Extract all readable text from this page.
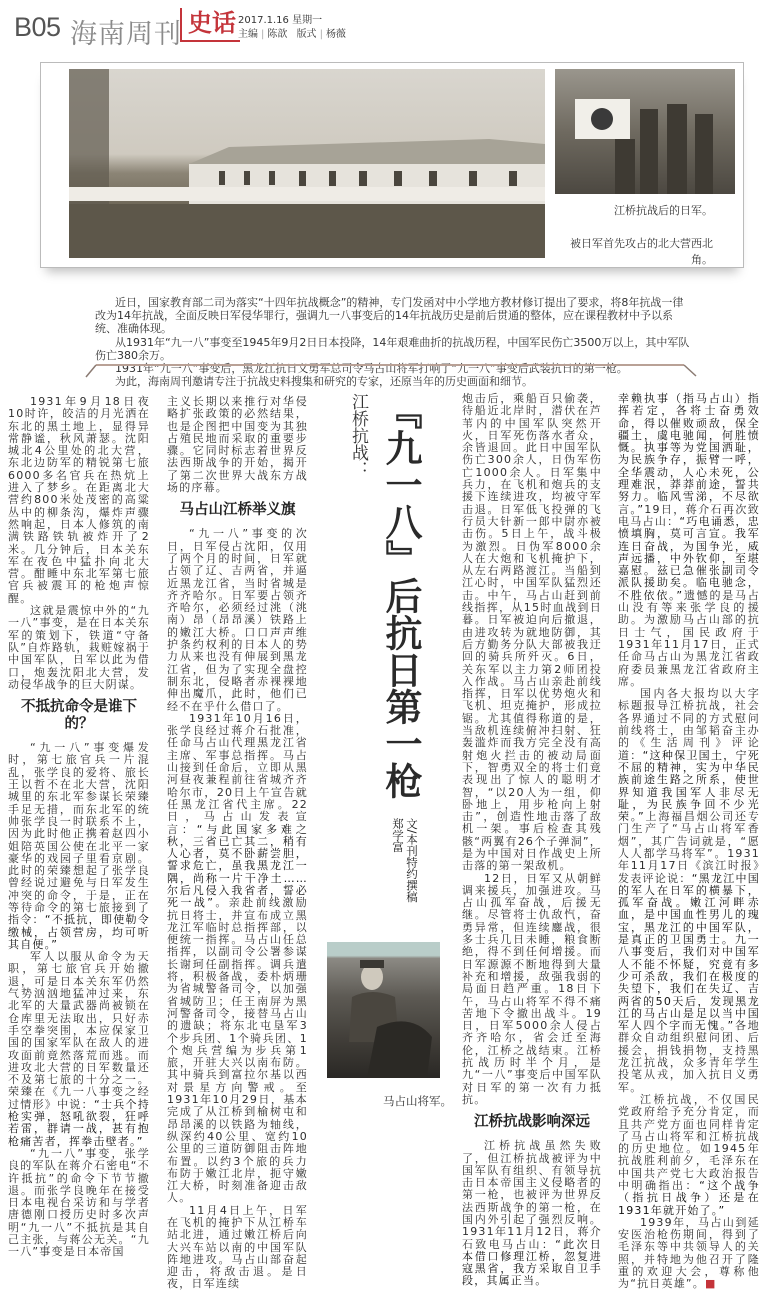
B05 海南周刊 史话 2017.1.16 星期一
主编 | 陈歆 版式 | 杨薇
江桥抗战后的日军。
被日军首先攻占的北大营西北角。

近日，国家教育部二司为落实“十四年抗战概念”的精神，专门发函对中小学地方教材修订提出了要求，将8年抗战一律改为14年抗战，全面反映日军侵华罪行，强调九一八事变后的14年抗战历史是前后贯通的整体，应在课程教材中予以系统、准确体现。

从1931年“九一八”事变至1945年9月2日日本投降，14年艰难曲折的抗战历程，中国军民伤亡3500万以上，其中军队伤亡380余万。

1931年“九一八”事变后，黑龙江抗日义勇军总司令马占山将军打响了“九一八”事变后武装抗日的第一枪。

为此，海南周刊邀请专注于抗战史料搜集和研究的专家，还原当年的历史画面和细节。

江桥抗战： 『九一八』后抗日第一枪
文/本刊特约撰稿　郑学富
马占山将军。

1931年9月18日夜10时许，皎洁的月光洒在东北的黑土地上，显得异常静谧，秋风萧瑟。沈阳城北4公里处的北大营，东北边防军的精锐第七旅6000多名官兵在热炕上进入了梦乡。在距离北大营约800米处茂密的高粱丛中的柳条沟，爆炸声骤然响起，日本人修筑的南满铁路铁轨被炸开了2米。几分钟后，日本关东军在夜色中猛扑向北大营。酣睡中东北军第七旅官兵被震耳的枪炮声惊醒。

这就是震惊中外的“九一八”事变，是在日本关东军的策划下，铁道“守备队”自炸路轨，栽赃嫁祸于中国军队，日军以此为借口，炮轰沈阳北大营，发动侵华战争的巨大阴谋。

不抵抗命令是谁下的？

“九一八”事变爆发时，第七旅官兵一片混乱，张学良的爱将、旅长王以哲不在北大营，沈阳城里的东北军参谋长荣臻手足无措，而东北军的统帅张学良一时联系不上，因为此时他正携着赵四小姐陪英国公使在北平一家豪华的戏园子里看京剧。此时的荣臻想起了张学良曾经说过避免与日军发生冲突的命令，于是，正在等待命令的第七旅接到了指令：“不抵抗，即使勒令缴械，占领营房，均可听其自便。”

军人以服从命令为天职，第七旅官兵开始撤退，可是日本关东军仍然气势汹汹地猛冲过来，东北军的大量武器尚被锁在仓库里无法取出，只好赤手空拳突围，本应保家卫国的国家军队在敌人的进攻面前竟然落荒而逃。而进攻北大营的日军数量还不及第七旅的十分之一。荣臻在《九一八事变之经过情形》中说：“士兵个持枪实弹，怒吼欲裂，狂呼若雷，群请一战，甚有抱枪痛苦者，挥拳击壁者。”

“九一八”事变，张学良的军队在蒋介石密电“不许抵抗”的命令下节节撤退。而张学良晚年在接受日本电视台采访和与学者唐德刚口授历史时多次声明“九一八”不抵抗是其自己主张，与蒋公无关。“九一八”事变是日本帝国

主义长期以来推行对华侵略扩张政策的必然结果，也是企图把中国变为其独占殖民地而采取的重要步骤。它同时标志着世界反法西斯战争的开始，揭开了第二次世界大战东方战场的序幕。

马占山江桥举义旗

“九一八”事变的次日，日军侵占沈阳，仅用了两个月的时间，日军就占领了辽、吉两省，并逼近黑龙江省，当时省城是齐齐哈尔。日军要占领齐齐哈尔，必须经过洮（洮南）昂（昂昂溪）铁路上的嫩江大桥。口口声声维护条约权利的日本人的势力从来也没有伸展到黑龙江省，但为了实现全盘控制东北，侵略者赤裸裸地伸出魔爪，此时，他们已经不在乎什么借口了。

1931年10月16日，张学良经过蒋介石批准，任命马占山代理黑龙江省主席、军事总指挥。马占山接到任命后，立即从黑河昼夜兼程前往省城齐齐哈尔市，20日上午宣告就任黑龙江省代主席。22日，马占山发表宣言：“与此国家多难之秋，三省已亡其二，稍有人心者，莫不卧薪尝胆，誓求危亡，虽我黑龙江一隅，尚称一片干净土……尔后凡侵入我省者，誓必死一战”。亲赴前线激励抗日将士，并宣布成立黑龙江军临时总指挥部，以便统一指挥。马占山任总指挥，以副司令公署参谋长谢珂任副指挥。调兵遣将，积极备战，委朴炳珊为省城警备司令，以加强省城防卫；任王南屏为黑河警备司令，接替马占山的遗缺；将东北屯垦军3个步兵团、1个骑兵团、1个炮兵营编为步兵第1旅，开驻大兴以南布防。其中骑兵到富拉尔基以西对景星方向警戒。至1931年10月29日，基本完成了从江桥到榆树屯和昂昂溪的以铁路为轴线，纵深约40公里、宽约10公里的三道防御阻击阵地布置。以约3个旅的兵力布防于嫩江北岸，扼守嫩江大桥，时刻准备迎击敌人。

11月4日上午，日军在飞机的掩护下从江桥车站北进，通过嫩江桥后向大兴车站以南的中国军队阵地进攻。马占山部奋起迎击，将敌击退。是日夜，日军连续

炮击后，乘船百只偷袭，待船近北岸时，潜伏在芦苇内的中国军队突然开火，日军死伤落水者众，余皆退回。此日中国军队伤亡300余人，日伪军伤亡1000余人。日军集中兵力，在飞机和炮兵的支援下连续进攻，均被守军击退。日军低飞投弹的飞行员大针新一郎中尉亦被击伤。5日上午，战斗极为激烈。日伪军8000余人在大炮和飞机掩护下，从左右两路渡江。当船到江心时，中国军队猛烈还击。中午，马占山赶到前线指挥，从15时血战到日暮。日军被迫向后撤退，由进攻转为就地防御，其后方勤务分队大部被我迂回的骑兵所歼灭。6日，关东军以主力第2师团投入作战。马占山亲赴前线指挥，日军以优势炮火和飞机、坦克掩护，形成拉锯。尤其值得称道的是，当敌机连续俯冲扫射、狂轰滥炸而我方完全没有高射炮火拦击的被动局面下，智勇双全的将士们竟表现出了惊人的聪明才智，“以20人为一组，仰卧地上，用步枪向上射击”，创造性地击落了敌机一架。事后检查其残骸“两翼有26个子弹洞”，是为中国对日作战史上所击落的第一架敌机。

12日，日军又从朝鲜调来援兵，加强进攻。马占山孤军奋战，后援无继。尽管将士仇敌忾，奋勇异常，但连续鏖战，很多士兵几日未睡，粮食断绝，得不到任何增援。而日军源源不断地得到大量补充和增援，敌强我弱的局面日趋严重。18日下午，马占山将军不得不痛苦地下令撤出战斗。19日，日军5000余人侵占齐齐哈尔，省会迁至海伦，江桥之战结束。江桥抗战历时半个月，是九“一八”事变后中国军队对日军的第一次有力抵抗。

江桥抗战影响深远

江桥抗战虽然失败了，但江桥抗战被评为中国军队有组织、有领导抗击日本帝国主义侵略者的第一枪，也被评为世界反法西斯战争的第一枪，在国内外引起了强烈反响。1931年11月12日，蒋介石致电马占山：“此次日本借口修理江桥，忽复进寇黑省，我方采取自卫手段，其属正当。

幸赖执事（指马占山）指挥若定，各将士奋勇效命，得以催败顽敌，保全疆土，虞电驰闻，何胜愤慨。执事等为党国洒耻，为民族争存，振臂一呼，全华震动，人心未死，公理难泯，莽莽前途，誓共努力。临风雪涕，不尽欲言。”19日，蒋介石再次致电马占山：“巧电诵悉，忠愤填胸，莫可言宣。我军连日奋战，为国争光，威声远播，中外钦仰，至堪嘉慰。兹已急催张副司令派队援助矣。临电驰念，不胜依依。”遗憾的是马占山没有等来张学良的援助。为激励马占山部的抗日士气，国民政府于1931年11月17日，正式任命马占山为黑龙江省政府委员兼黑龙江省政府主席。

国内各大报均以大字标题报导江桥抗战，社会各界通过不同的方式慰问前线将士，由邹韬奋主办的《生活周刊》评论道：“这种保卫国土，宁死不屈的精神，实为中华民族前途生路之所系，使世界知道我国军人非尽无耻，为民族争回不少光荣。”上海福昌烟公司还专门生产了“马占山将军香烟”，其广告词就是，“愿人人都学马将军”。1931年11月17日《滨江时报》发表评论说：“黑龙江中国的军人在日军的横暴下，孤军奋战。嫩江河畔赤血，是中国血性男儿的瑰宝，黑龙江的中国军队，是真正的卫国勇士。九一八事变后，我们对中国军人不能不怀疑，究竟有多少可杀敌，我们在极度的失望下，我们在失辽、吉两省的50天后，发现黑龙江的马占山是足以当中国军人四个字而无愧。”各地群众自动组织慰问团、后援会，捐钱捐物，支持黑龙江抗战，众多青年学生投笔从戎，加入抗日义勇军。

江桥抗战，不仅国民党政府给予充分肯定，而且共产党方面也同样肯定了马占山将军和江桥抗战的历史地位。如1945年抗战胜利前夕，毛泽东在中国共产党七大政治报告中明确指出：“这个战争（指抗日战争）还是在1931年就开始了。”

1939年，马占山到延安医治枪伤期间，得到了毛泽东等中共领导人的关照，并特地为他召开了隆重的欢迎大会，尊称他为“抗日英雄”。■
